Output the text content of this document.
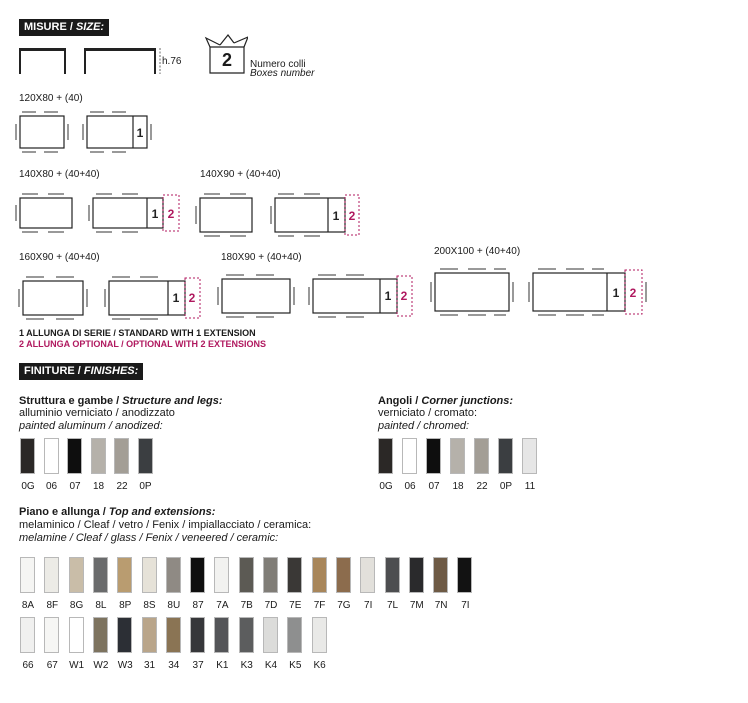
MISURE / SIZE:
h.76	2	Numero colli
Boxes number
120X80 + (40)
140X80 + (40+40)	140X90 + (40+40)
160X90 + (40+40)	180X90 + (40+40)
200X100 + (40+40)
1
1 2	1 2
1 2	1 2	1 2
1 ALLUNGA DI SERIE / STANDARD WITH 1 EXTENSION
2 ALLUNGA OPTIONAL / OPTIONAL WITH 2 EXTENSIONS
FINITURE / FINISHES:
Struttura e gambe / Structure and legs:
alluminio verniciato / anodizzato
painted aluminum / anodized:
0G	06	07	18	22	0P
Angoli / Corner junctions:
verniciato / cromato:
painted / chromed:
0G	06	07	18	22	0P	11
Piano e allunga / Top and extensions:
melaminico / Cleaf / vetro / Fenix / impiallacciato / ceramica:
melamine / Cleaf / glass / Fenix / veneered / ceramic:
8A	8F	8G	8L	8P	8S	8U	87	7A	7B	7D	7E	7F	7G	7I	7L	7M	7N	7I
66	67	W1 W2 W3	31	34	37	K1	K3	K4	K5	K6
